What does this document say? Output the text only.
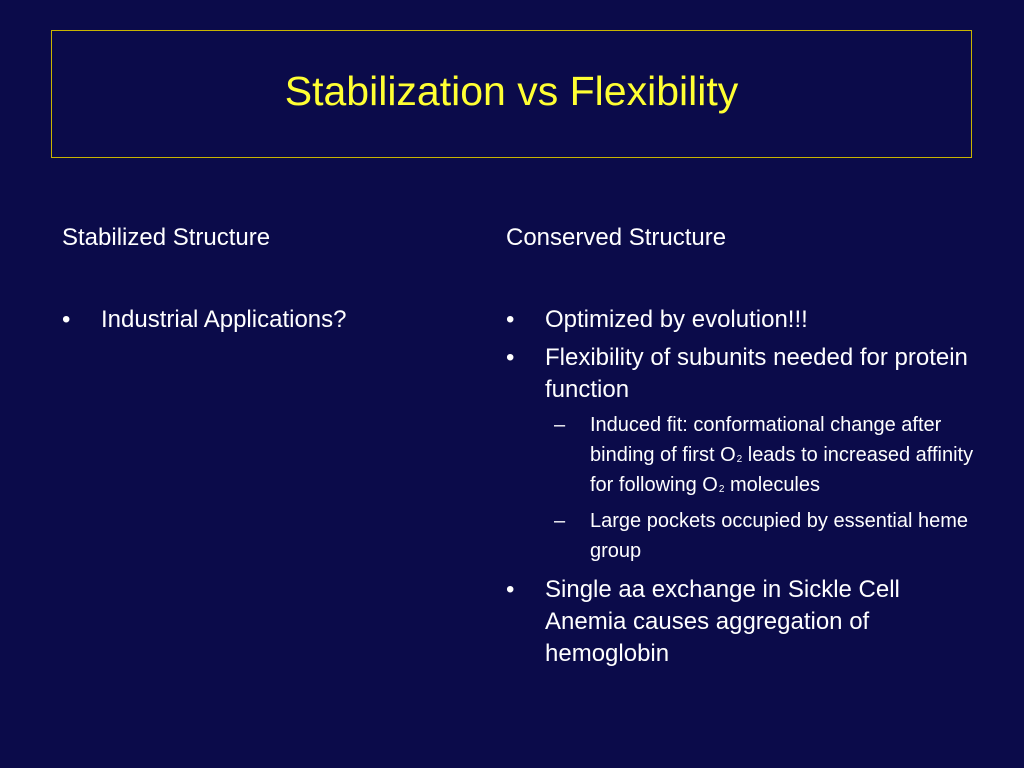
Stabilization vs Flexibility

Stabilized Structure

•	Industrial Applications?

Conserved Structure

•	Optimized by evolution!!!
•	Flexibility of subunits needed for protein function
– Induced fit: conformational change after binding of first O2 leads to increased affinity for following O2 molecules
– Large pockets occupied by essential heme group
•	Single aa exchange in Sickle Cell Anemia causes aggregation of hemoglobin
